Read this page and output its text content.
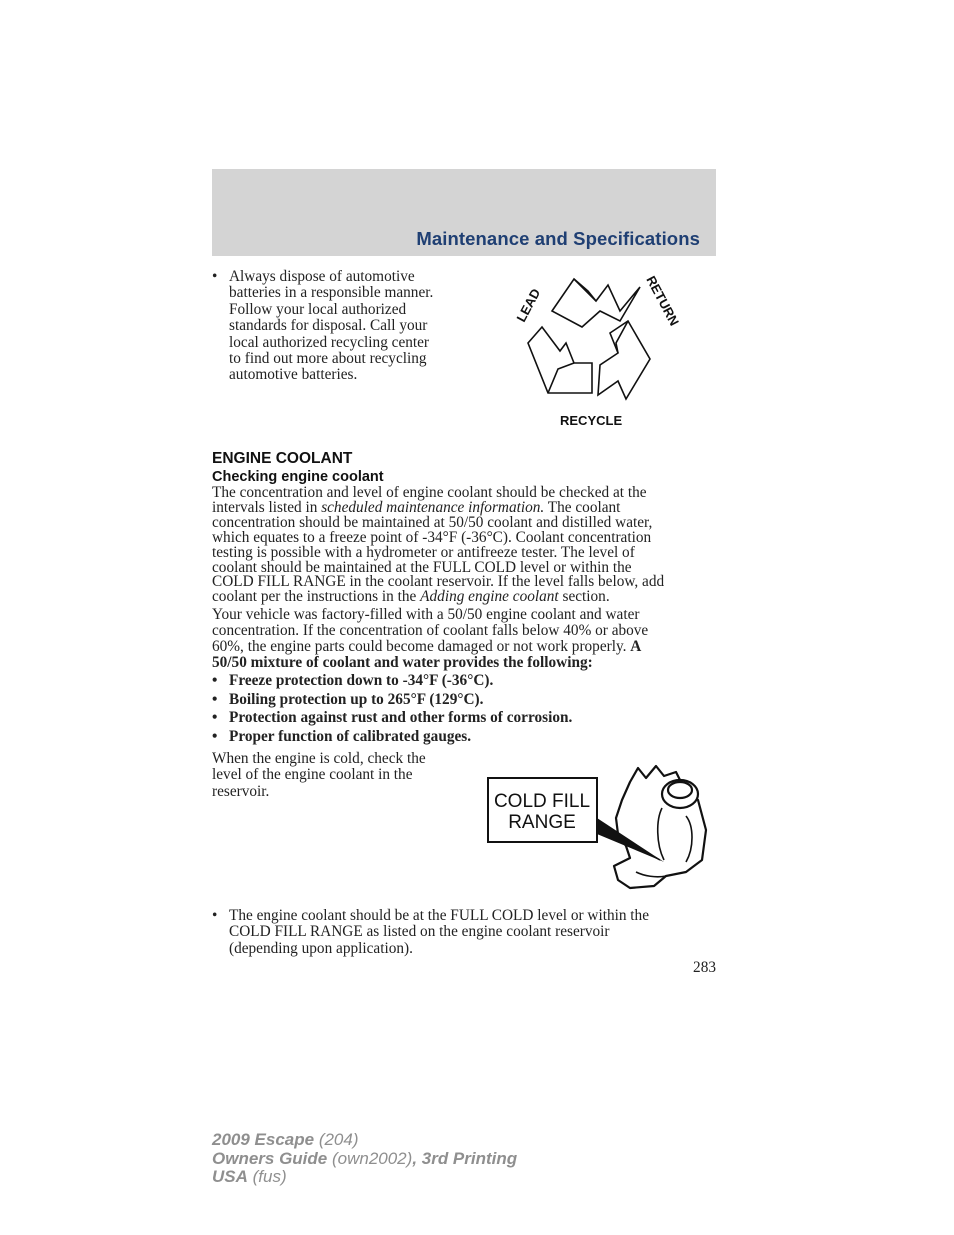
Maintenance and Specifications
• Always dispose of automotive
batteries in a responsible manner.
Follow your local authorized
standards for disposal. Call your
local authorized recycling center
to find out more about recycling
automotive batteries.
LEAD	RETURN
RECYCLE
ENGINE COOLANT
Checking engine coolant
The concentration and level of engine coolant should be checked at the
intervals listed in scheduled maintenance information. The coolant
concentration should be maintained at 50/50 coolant and distilled water,
which equates to a freeze point of -34°F (-36°C). Coolant concentration
testing is possible with a hydrometer or antifreeze tester. The level of
coolant should be maintained at the FULL COLD level or within the
COLD FILL RANGE in the coolant reservoir. If the level falls below, add
coolant per the instructions in the Adding engine coolant section.
Your vehicle was factory-filled with a 50/50 engine coolant and water
concentration. If the concentration of coolant falls below 40% or above
60%, the engine parts could become damaged or not work properly. A
50/50 mixture of coolant and water provides the following:
• Freeze protection down to -34°F (-36°C).
• Boiling protection up to 265°F (129°C).
• Protection against rust and other forms of corrosion.
• Proper function of calibrated gauges.
When the engine is cold, check the
level of the engine coolant in the
reservoir.	COLD FILL
RANGE
• The engine coolant should be at the FULL COLD level or within the
COLD FILL RANGE as listed on the engine coolant reservoir
(depending upon application).
283
2009 Escape (204)
Owners Guide (own2002), 3rd Printing
USA (fus)
